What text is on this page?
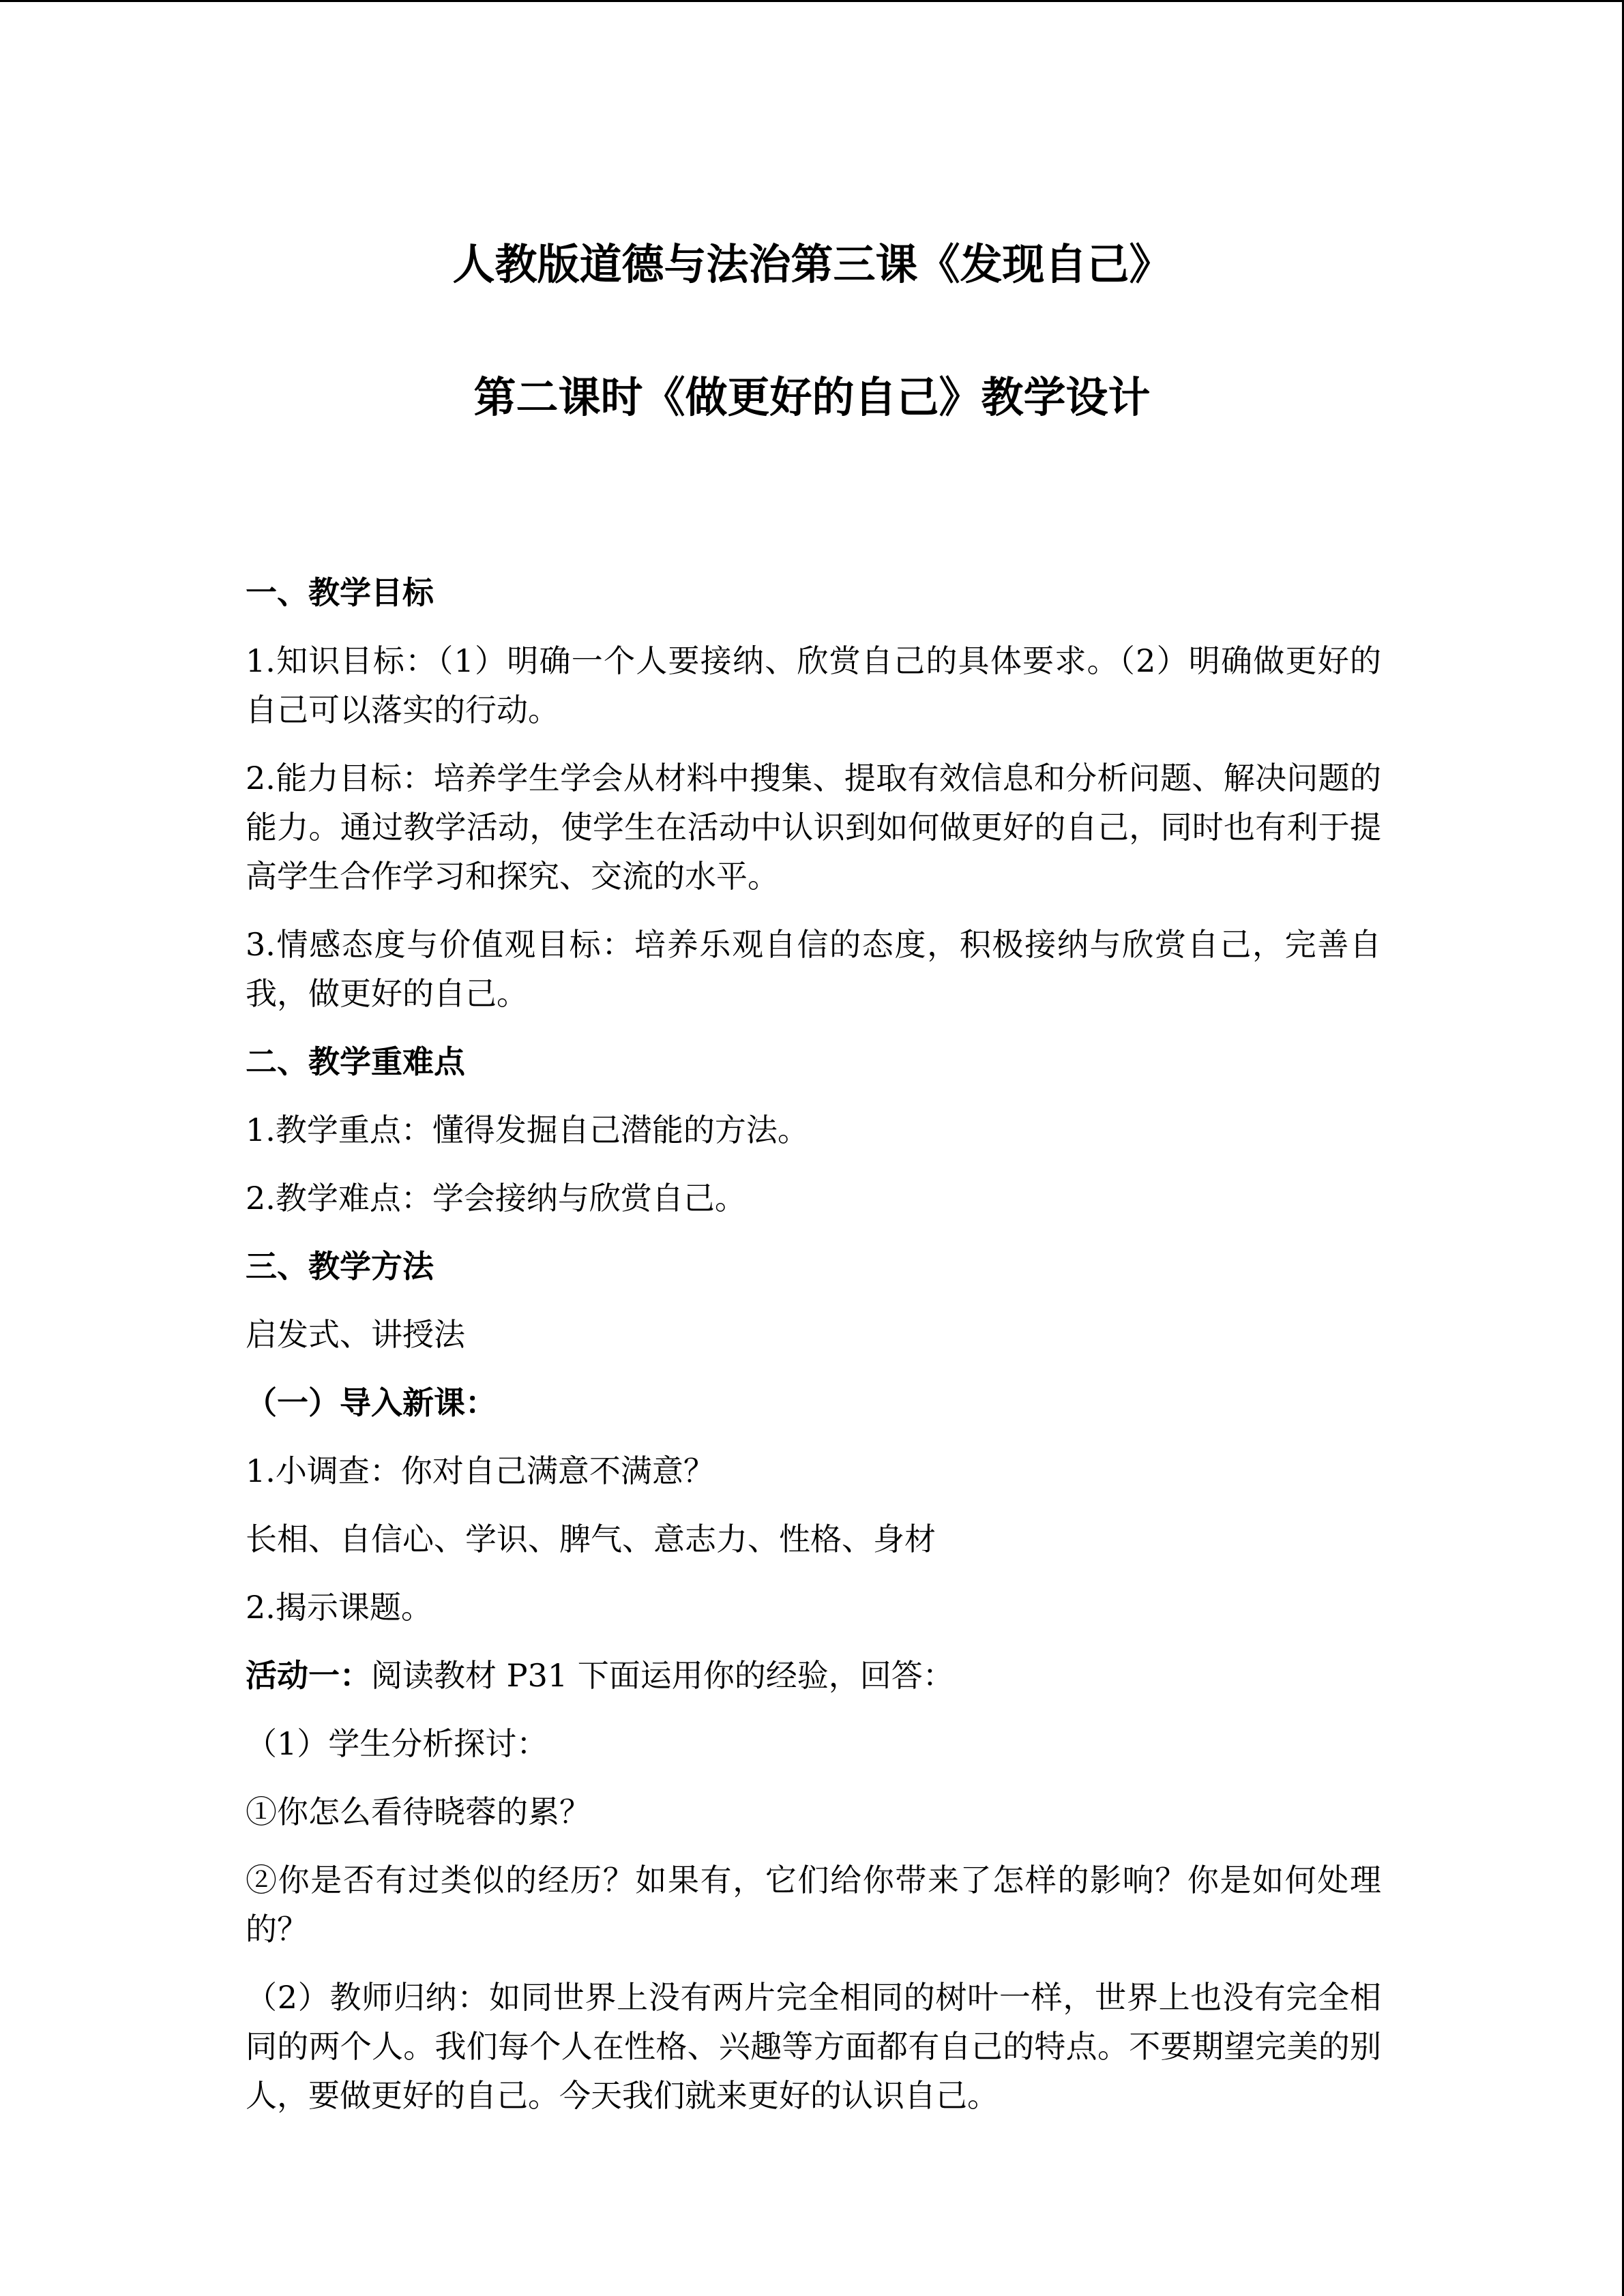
人教版道德与法治第三课《发现自己》
第二课时《做更好的自己》教学设计
一、教学目标
1.知识目标：（1）明确一个人要接纳、欣赏自己的具体要求。（2）明确做更好的自己可以落实的行动。
2.能力目标：培养学生学会从材料中搜集、提取有效信息和分析问题、解决问题的能力。通过教学活动，使学生在活动中认识到如何做更好的自己，同时也有利于提高学生合作学习和探究、交流的水平。
3.情感态度与价值观目标：培养乐观自信的态度，积极接纳与欣赏自己，完善自我，做更好的自己。
二、教学重难点
1.教学重点：懂得发掘自己潜能的方法。
2.教学难点：学会接纳与欣赏自己。
三、教学方法
启发式、讲授法
（一）导入新课：
1.小调查：你对自己满意不满意？
长相、自信心、学识、脾气、意志力、性格、身材
2.揭示课题。
活动一：阅读教材 P31 下面运用你的经验，回答：
（1）学生分析探讨：
①你怎么看待晓蓉的累？
②你是否有过类似的经历？如果有，它们给你带来了怎样的影响？你是如何处理的？
（2）教师归纳：如同世界上没有两片完全相同的树叶一样，世界上也没有完全相同的两个人。我们每个人在性格、兴趣等方面都有自己的特点。不要期望完美的别人，要做更好的自己。今天我们就来更好的认识自己。
